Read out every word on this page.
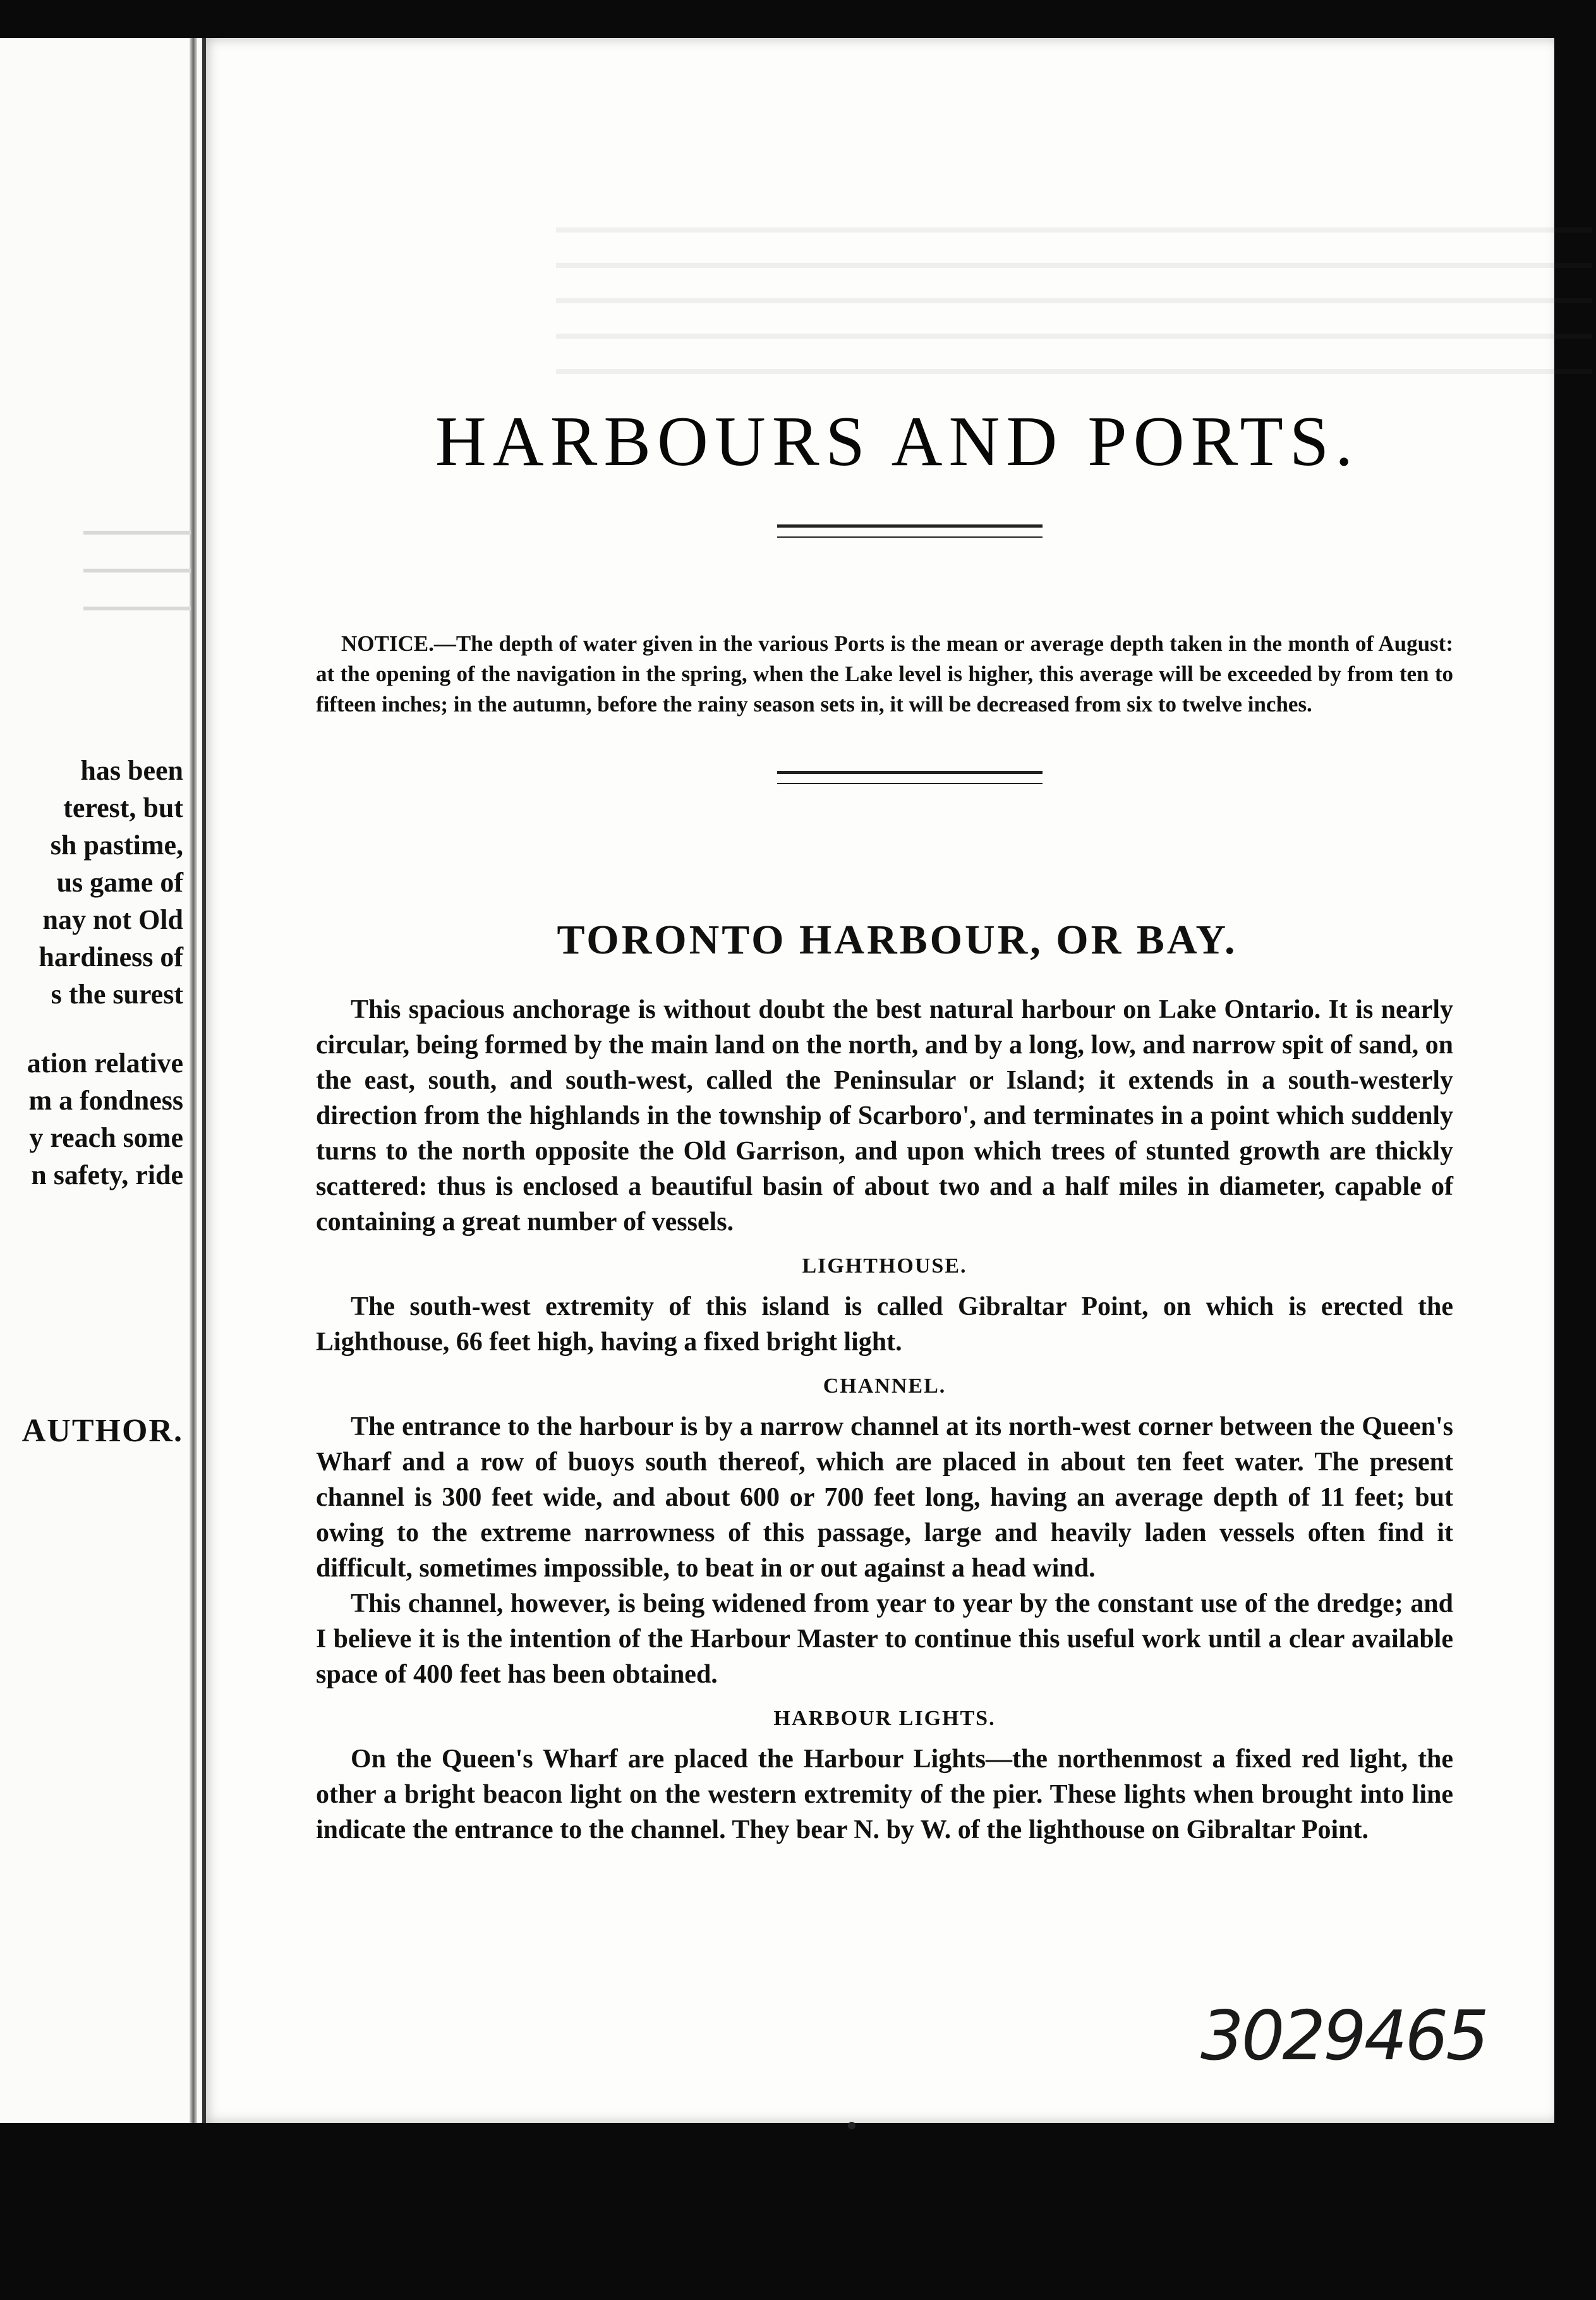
has been
terest, but
sh pastime,
us game of
nay not Old
hardiness of
s the surest
ation relative
m a fondness
y reach some
n safety, ride
AUTHOR.
HARBOURS AND PORTS.

NOTICE.—The depth of water given in the various Ports is the mean or average depth taken in the month of August: at the opening of the navigation in the spring, when the Lake level is higher, this average will be exceeded by from ten to fifteen inches; in the autumn, before the rainy season sets in, it will be decreased from six to twelve inches.

TORONTO HARBOUR, OR BAY.

This spacious anchorage is without doubt the best natural harbour on Lake Ontario. It is nearly circular, being formed by the main land on the north, and by a long, low, and narrow spit of sand, on the east, south, and south-west, called the Peninsular or Island; it extends in a south-westerly direction from the highlands in the township of Scarboro', and terminates in a point which suddenly turns to the north opposite the Old Garrison, and upon which trees of stunted growth are thickly scattered: thus is enclosed a beautiful basin of about two and a half miles in diameter, capable of containing a great number of vessels.

LIGHTHOUSE.

The south-west extremity of this island is called Gibraltar Point, on which is erected the Lighthouse, 66 feet high, having a fixed bright light.

CHANNEL.

The entrance to the harbour is by a narrow channel at its north-west corner between the Queen's Wharf and a row of buoys south thereof, which are placed in about ten feet water. The present channel is 300 feet wide, and about 600 or 700 feet long, having an average depth of 11 feet; but owing to the extreme narrowness of this passage, large and heavily laden vessels often find it difficult, sometimes impossible, to beat in or out against a head wind.

This channel, however, is being widened from year to year by the constant use of the dredge; and I believe it is the intention of the Harbour Master to continue this useful work until a clear available space of 400 feet has been obtained.

HARBOUR LIGHTS.

On the Queen's Wharf are placed the Harbour Lights—the northenmost a fixed red light, the other a bright beacon light on the western extremity of the pier. These lights when brought into line indicate the entrance to the channel. They bear N. by W. of the lighthouse on Gibraltar Point.

3029465
